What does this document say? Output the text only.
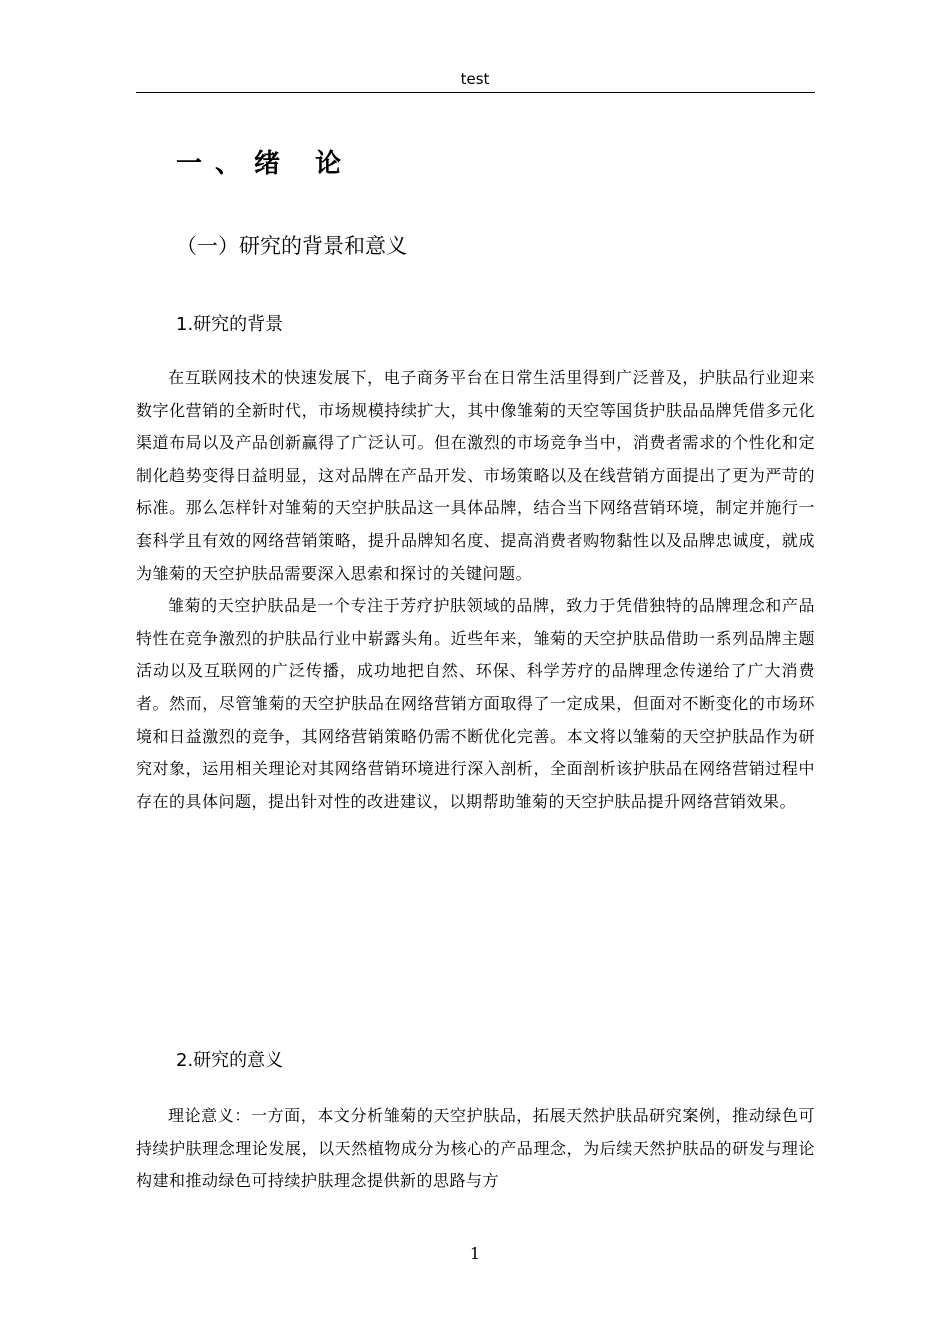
test
一、绪 论
（一）研究的背景和意义
1.研究的背景

在互联网技术的快速发展下，电子商务平台在日常生活里得到广泛普及，护肤品行业迎来数字化营销的全新时代，市场规模持续扩大，其中像雏菊的天空等国货护肤品品牌凭借多元化渠道布局以及产品创新赢得了广泛认可。但在激烈的市场竞争当中，消费者需求的个性化和定制化趋势变得日益明显，这对品牌在产品开发、市场策略以及在线营销方面提出了更为严苛的标准。那么怎样针对雏菊的天空护肤品这一具体品牌，结合当下网络营销环境，制定并施行一套科学且有效的网络营销策略，提升品牌知名度、提高消费者购物黏性以及品牌忠诚度，就成为雏菊的天空护肤品需要深入思索和探讨的关键问题。

雏菊的天空护肤品是一个专注于芳疗护肤领域的品牌，致力于凭借独特的品牌理念和产品特性在竞争激烈的护肤品行业中崭露头角。近些年来，雏菊的天空护肤品借助一系列品牌主题活动以及互联网的广泛传播，成功地把自然、环保、科学芳疗的品牌理念传递给了广大消费者。然而，尽管雏菊的天空护肤品在网络营销方面取得了一定成果，但面对不断变化的市场环境和日益激烈的竞争，其网络营销策略仍需不断优化完善。本文将以雏菊的天空护肤品作为研究对象，运用相关理论对其网络营销环境进行深入剖析，全面剖析该护肤品在网络营销过程中存在的具体问题，提出针对性的改进建议，以期帮助雏菊的天空护肤品提升网络营销效果。

2.研究的意义

理论意义：一方面，本文分析雏菊的天空护肤品，拓展天然护肤品研究案例，推动绿色可持续护肤理念理论发展，以天然植物成分为核心的产品理念，为后续天然护肤品的研发与理论构建和推动绿色可持续护肤理念提供新的思路与方

1
